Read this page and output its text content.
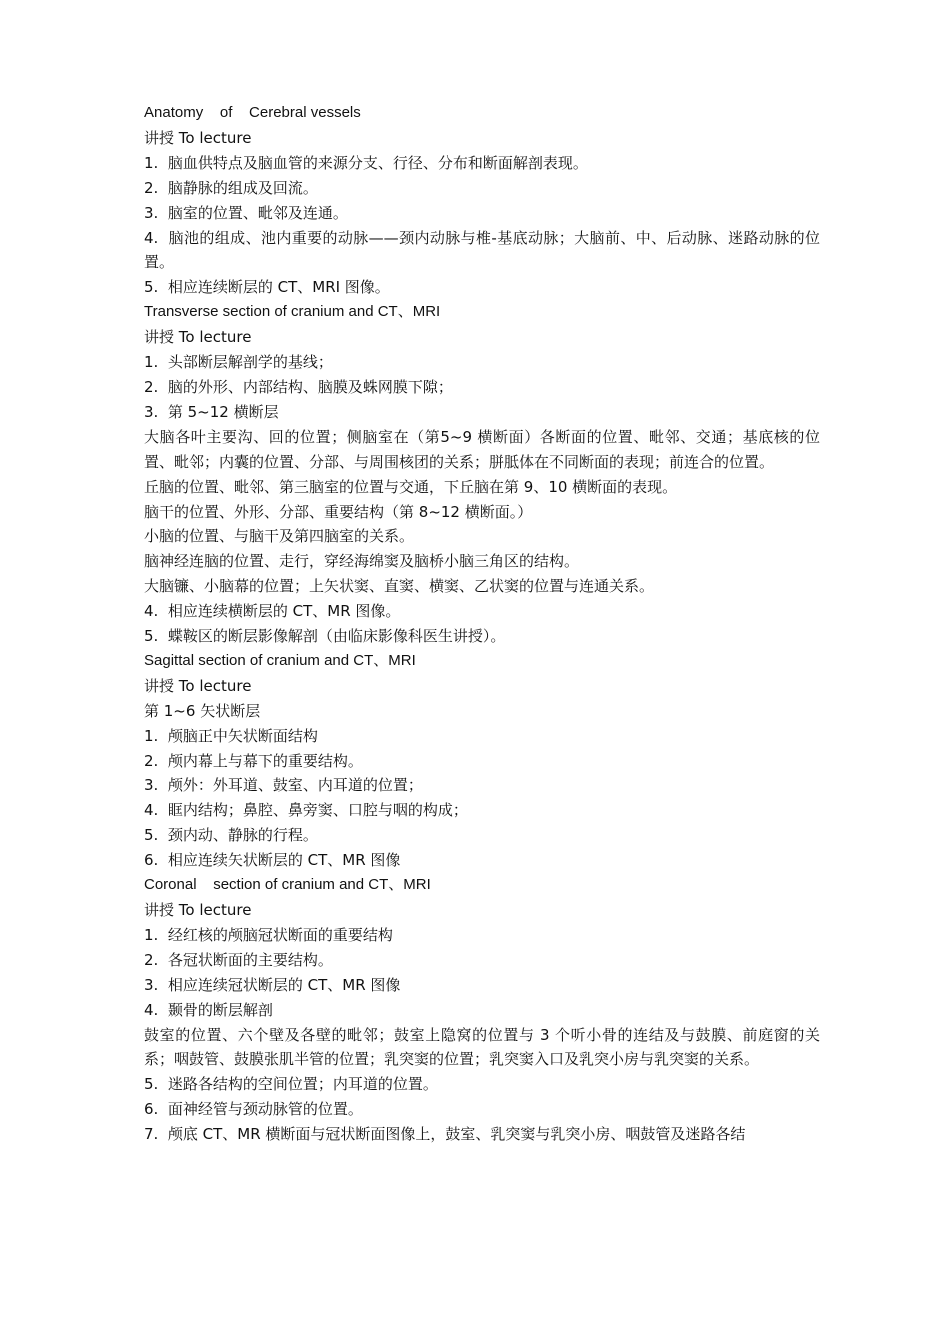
Anatomy    of    Cerebral vessels

讲授 To lecture

1.  脑血供特点及脑血管的来源分支、行径、分布和断面解剖表现。

2.  脑静脉的组成及回流。

3.  脑室的位置、毗邻及连通。

4.  脑池的组成、池内重要的动脉——颈内动脉与椎-基底动脉；大脑前、中、后动脉、迷路动脉的位置。

5.  相应连续断层的 CT、MRI 图像。

Transverse section of cranium and CT、MRI

讲授 To lecture

1.  头部断层解剖学的基线；

2.  脑的外形、内部结构、脑膜及蛛网膜下隙；

3.  第 5~12 横断层

大脑各叶主要沟、回的位置；侧脑室在（第5~9 横断面）各断面的位置、毗邻、交通；基底核的位置、毗邻；内囊的位置、分部、与周围核团的关系；胼胝体在不同断面的表现；前连合的位置。

丘脑的位置、毗邻、第三脑室的位置与交通，下丘脑在第 9、10 横断面的表现。

脑干的位置、外形、分部、重要结构（第 8~12 横断面。）

小脑的位置、与脑干及第四脑室的关系。

脑神经连脑的位置、走行，穿经海绵窦及脑桥小脑三角区的结构。

大脑镰、小脑幕的位置；上矢状窦、直窦、横窦、乙状窦的位置与连通关系。

4.  相应连续横断层的 CT、MR 图像。

5.  蝶鞍区的断层影像解剖（由临床影像科医生讲授）。

Sagittal section of cranium and CT、MRI

讲授 To lecture

第 1~6 矢状断层

1.  颅脑正中矢状断面结构

2.  颅内幕上与幕下的重要结构。

3.  颅外：外耳道、鼓室、内耳道的位置；

4.  眶内结构；鼻腔、鼻旁窦、口腔与咽的构成；

5.  颈内动、静脉的行程。

6.  相应连续矢状断层的 CT、MR 图像

Coronal    section of cranium and CT、MRI

讲授 To lecture

1.  经红核的颅脑冠状断面的重要结构

2.  各冠状断面的主要结构。

3.  相应连续冠状断层的 CT、MR 图像

4.  颞骨的断层解剖

鼓室的位置、六个壁及各壁的毗邻；鼓室上隐窝的位置与 3 个听小骨的连结及与鼓膜、前庭窗的关系；咽鼓管、鼓膜张肌半管的位置；乳突窦的位置；乳突窦入口及乳突小房与乳突窦的关系。

5.  迷路各结构的空间位置；内耳道的位置。

6.  面神经管与颈动脉管的位置。

7.  颅底 CT、MR 横断面与冠状断面图像上，鼓室、乳突窦与乳突小房、咽鼓管及迷路各结
